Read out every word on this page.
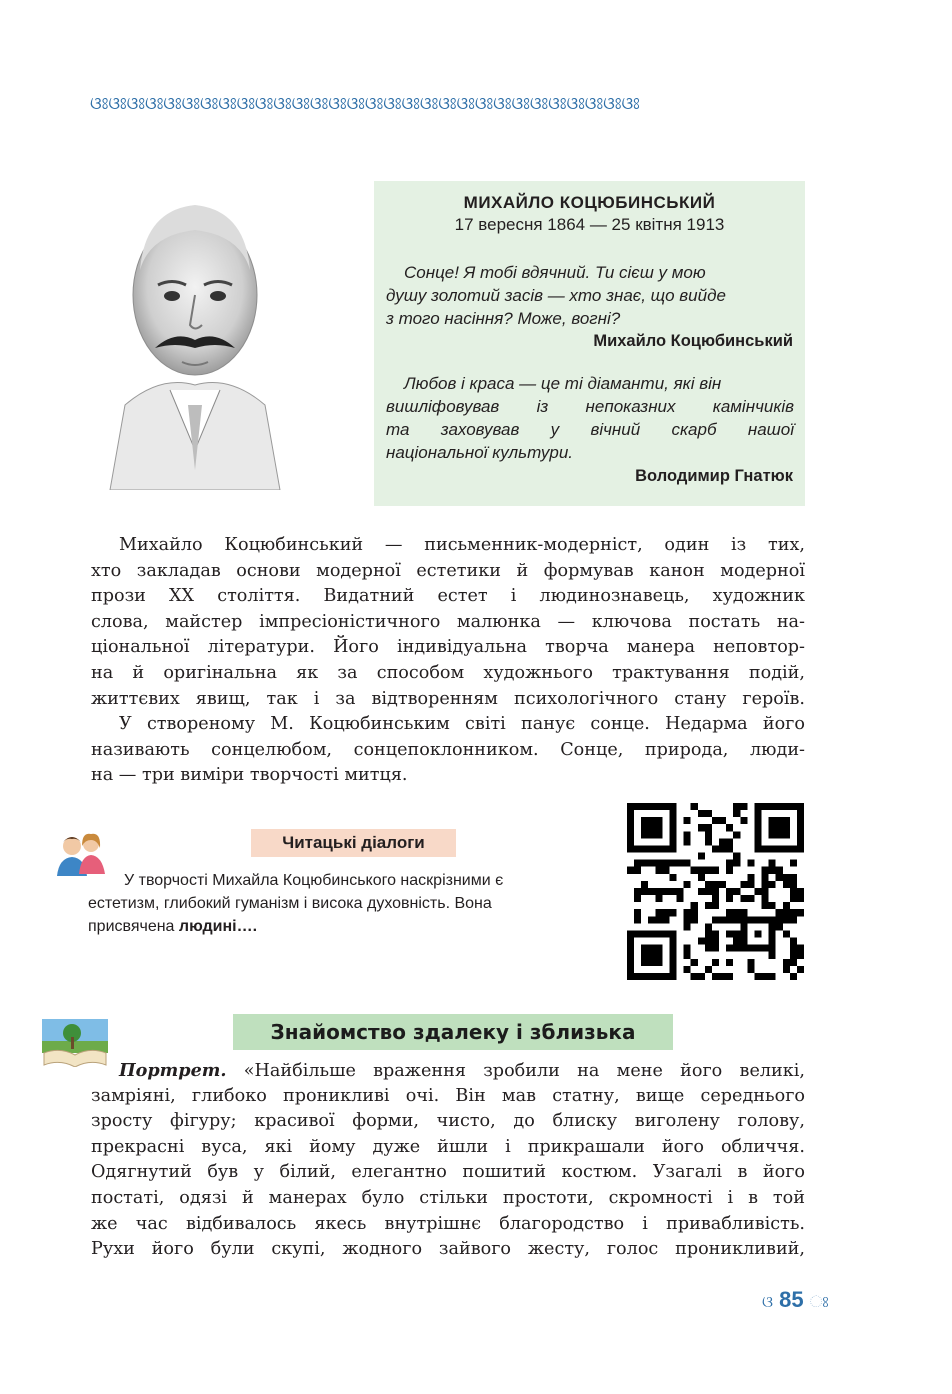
ଓଃଓଃଓଃଓଃଓଃଓଃଓଃଓଃଓଃଓଃଓଃଓଃଓଃଓଃଓଃଓଃଓଃଓଃଓଃଓଃଓଃଓଃଓଃଓଃଓଃଓଃଓଃଓଃଓଃଓଃ
МИХАЙЛО КОЦЮБИНСЬКИЙ
17 вересня 1864 — 25 квітня 1913
Сонце! Я тобі вдячний. Ти сієш у мою
душу золотий засів — хто знає, що вийде
з того насіння? Може, вогні?
Михайло Коцюбинський
Любов і краса — це ті діаманти, які він
вишліфовував із непоказних камінчиків
та заховував у вічний скарб нашої
національної культури.
Володимир Гнатюк
Михайло Коцюбинський — письменник-модерніст, один із тих,
хто закладав основи модерної естетики й формував канон модерної
прози XX століття. Видатний естет і людинознавець, художник
слова, майстер імпресіоністичного малюнка — ключова постать на-
ціональної літератури. Його індивідуальна творча манера неповтор-
на й оригінальна як за способом художнього трактування подій,
життєвих явищ, так і за відтворенням психологічного стану героїв.
У створеному М. Коцюбинським світі панує сонце. Недарма його
називають сонцелюбом, сонцепоклонником. Сонце, природа, люди-
на — три виміри творчості митця.
Читацькі діалоги
У творчості Михайла Коцюбинського наскрізними є
естетизм, глибокий гуманізм і висока духовність. Вона
присвячена людині….
Знайомство здалеку і зблизька
Портрет. «Найбільше враження зробили на мене його великі,
замріяні, глибоко проникливі очі. Він мав статну, вище середнього
зросту фігуру; красивої форми, чисто, до блиску виголену голову,
прекрасні вуса, які йому дуже йшли і прикрашали його обличчя.
Одягнутий був у білий, елегантно пошитий костюм. Узагалі в його
постаті, одязі й манерах було стільки простоти, скромності і в той
же час відбивалось якесь внутрішнє благородство і привабливість.
Рухи його були скупі, жодного зайвого жесту, голос проникливий,
ଓ 85 ଃ
